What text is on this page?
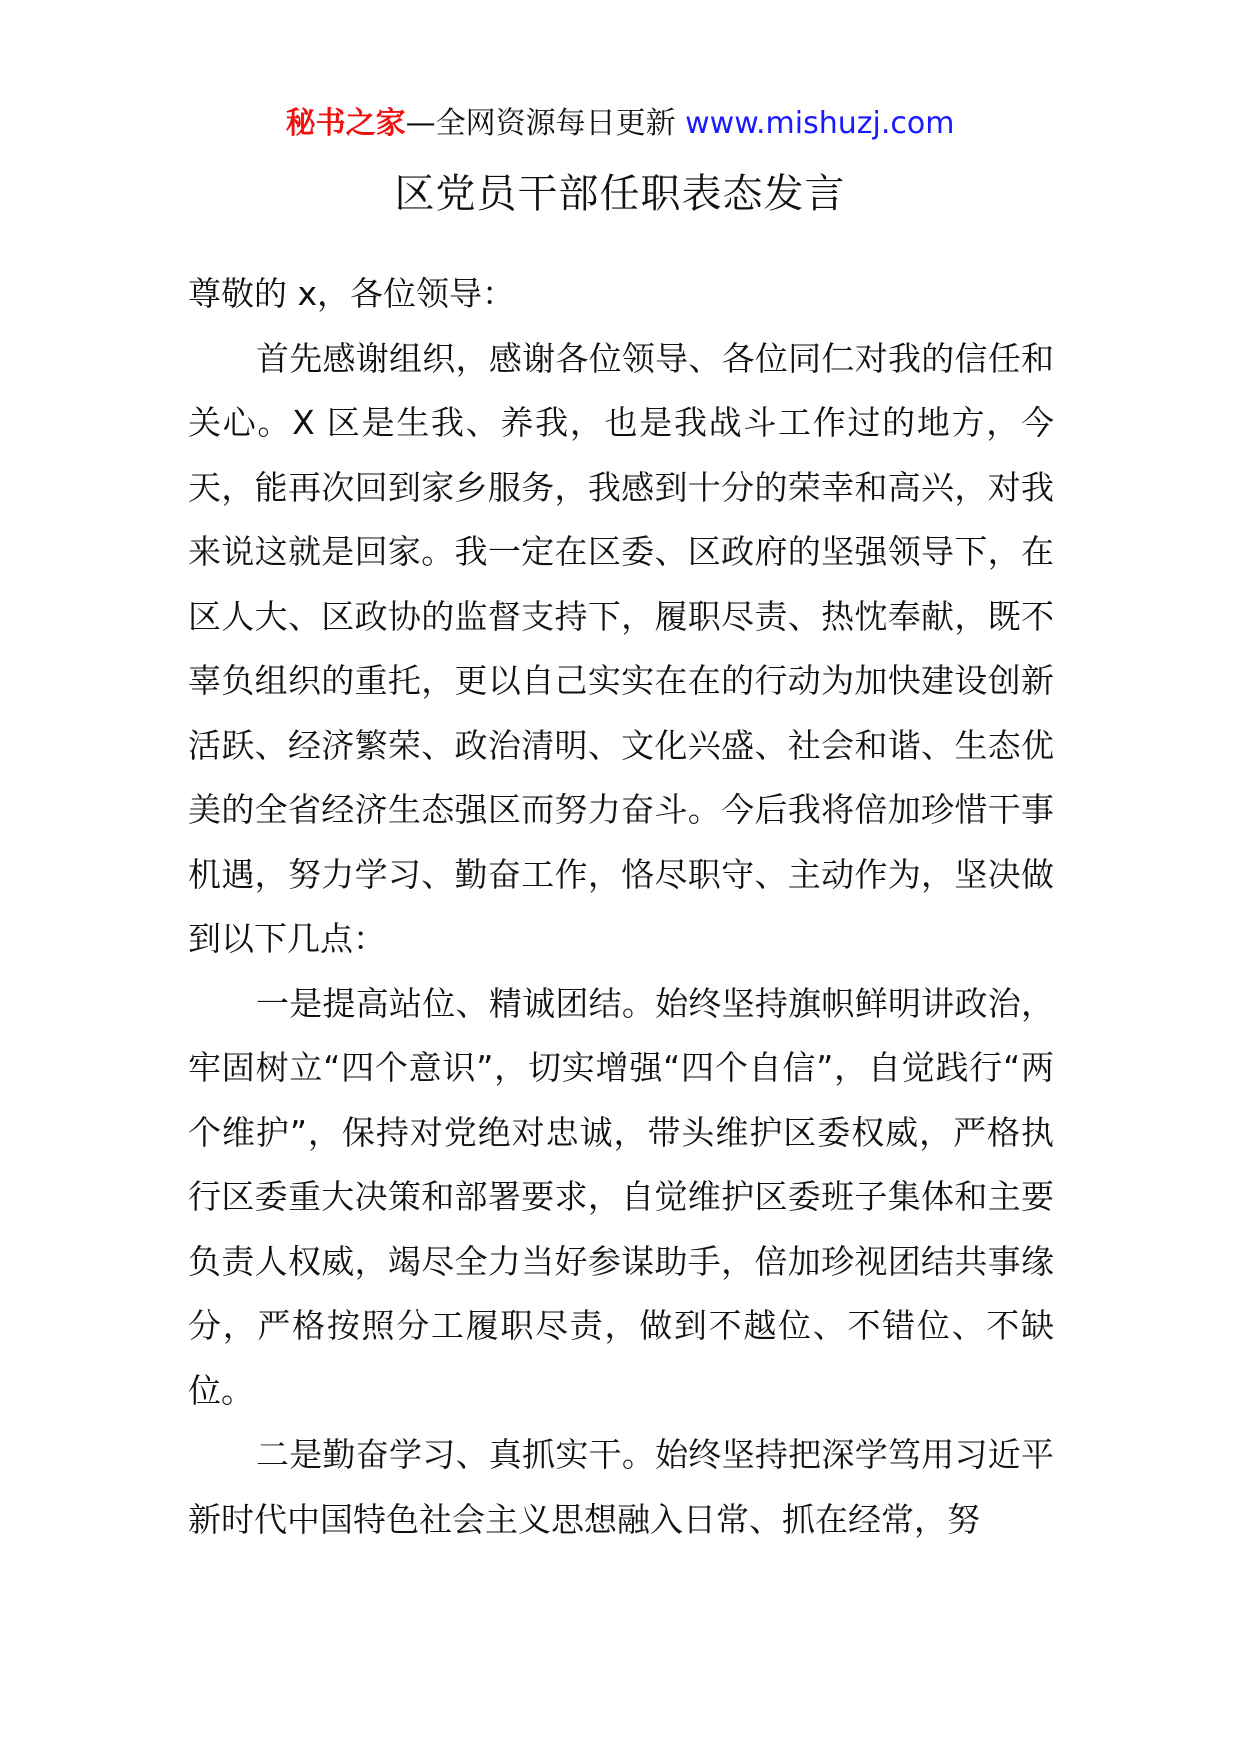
秘书之家—全网资源每日更新 www.mishuzj.com
区党员干部任职表态发言

尊敬的 x，各位领导：

首先感谢组织，感谢各位领导、各位同仁对我的信任和关心。X 区是生我、养我，也是我战斗工作过的地方，今天，能再次回到家乡服务，我感到十分的荣幸和高兴，对我来说这就是回家。我一定在区委、区政府的坚强领导下，在区人大、区政协的监督支持下，履职尽责、热忱奉献，既不辜负组织的重托，更以自己实实在在的行动为加快建设创新活跃、经济繁荣、政治清明、文化兴盛、社会和谐、生态优美的全省经济生态强区而努力奋斗。今后我将倍加珍惜干事机遇，努力学习、勤奋工作，恪尽职守、主动作为，坚决做到以下几点：

一是提高站位、精诚团结。始终坚持旗帜鲜明讲政治，牢固树立“四个意识”，切实增强“四个自信”，自觉践行“两个维护”，保持对党绝对忠诚，带头维护区委权威，严格执行区委重大决策和部署要求，自觉维护区委班子集体和主要负责人权威，竭尽全力当好参谋助手，倍加珍视团结共事缘分，严格按照分工履职尽责，做到不越位、不错位、不缺位。

二是勤奋学习、真抓实干。始终坚持把深学笃用习近平新时代中国特色社会主义思想融入日常、抓在经常，努
